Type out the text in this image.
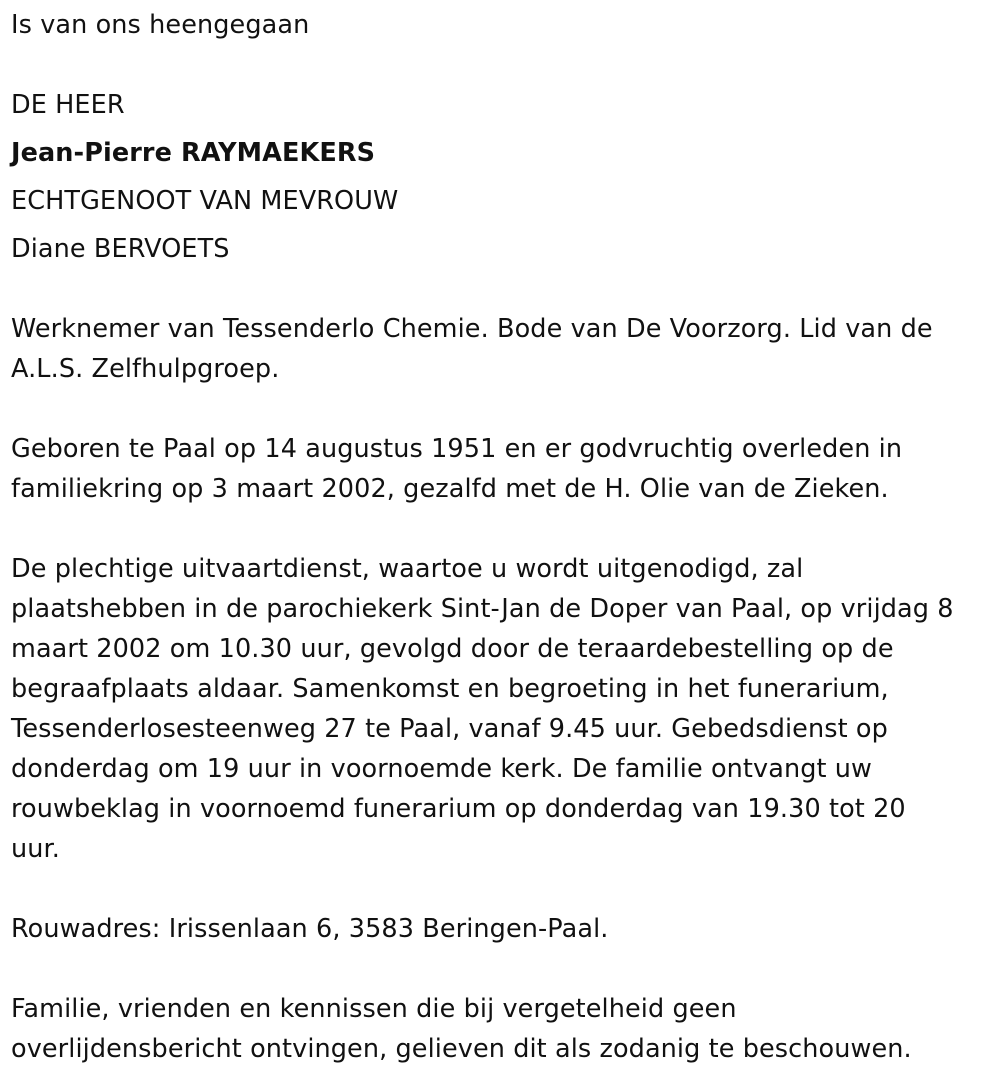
Is van ons heengegaan
DE HEER
Jean-Pierre RAYMAEKERS
ECHTGENOOT VAN MEVROUW
Diane BERVOETS

Werknemer van Tessenderlo Chemie. Bode van De Voorzorg. Lid van de

A.L.S. Zelfhulpgroep.

Geboren te Paal op 14 augustus 1951 en er godvruchtig overleden in

familiekring op 3 maart 2002, gezalfd met de H. Olie van de Zieken.

De plechtige uitvaartdienst, waartoe u wordt uitgenodigd, zal

plaatshebben in de parochiekerk Sint-Jan de Doper van Paal, op vrijdag 8

maart 2002 om 10.30 uur, gevolgd door de teraardebestelling op de

begraafplaats aldaar. Samenkomst en begroeting in het funerarium,

Tessenderlosesteenweg 27 te Paal, vanaf 9.45 uur. Gebedsdienst op

donderdag om 19 uur in voornoemde kerk. De familie ontvangt uw

rouwbeklag in voornoemd funerarium op donderdag van 19.30 tot 20

uur.

Rouwadres: Irissenlaan 6, 3583 Beringen-Paal.

Familie, vrienden en kennissen die bij vergetelheid geen

overlijdensbericht ontvingen, gelieven dit als zodanig te beschouwen.
